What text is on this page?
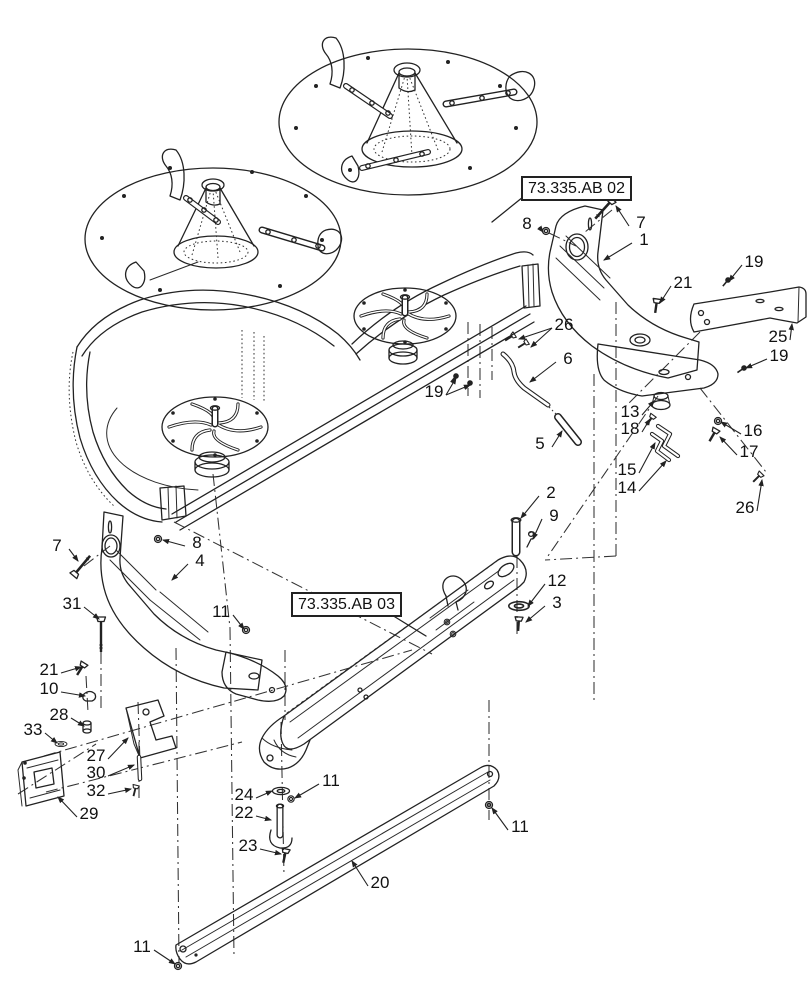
8	7
1
19
21
25
19
26
6
19
5
13
18	16
17
15
14
26
2
9
12
3
7	8
4
31	11
21
10
28
33
27
30
32
29
24
22
23
11
11
20
11
73.335.AB 02
73.335.AB 03
